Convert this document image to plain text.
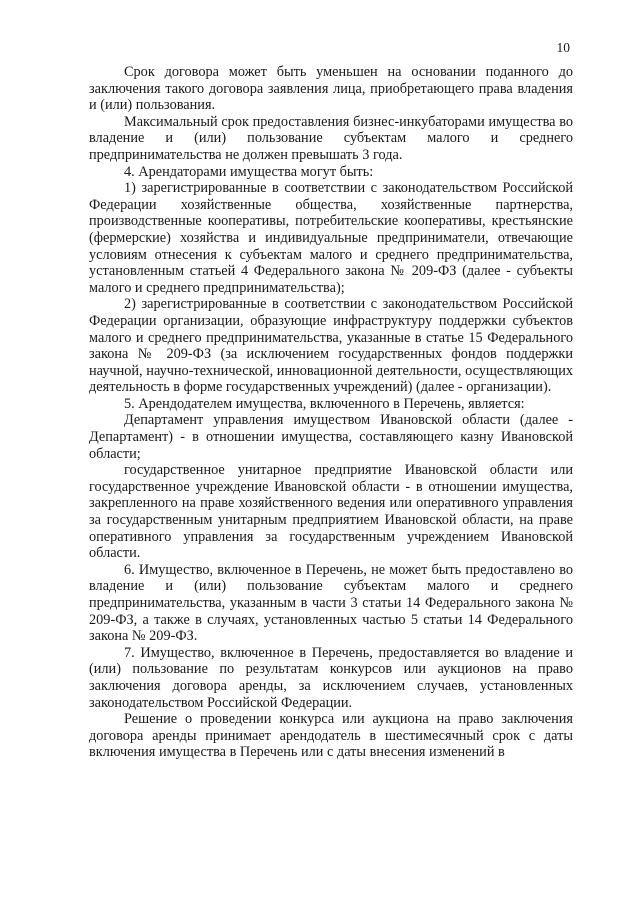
10

Срок договора может быть уменьшен на основании поданного до заключения такого договора заявления лица, приобретающего права владения и (или) пользования.

Максимальный срок предоставления бизнес-инкубаторами имущества во владение и (или) пользование субъектам малого и среднего предпринимательства не должен превышать 3 года.

4. Арендаторами имущества могут быть:

1) зарегистрированные в соответствии с законодательством Российской Федерации хозяйственные общества, хозяйственные партнерства, производственные кооперативы, потребительские кооперативы, крестьянские (фермерские) хозяйства и индивидуальные предприниматели, отвечающие условиям отнесения к субъектам малого и среднего предпринимательства, установленным статьей 4 Федерального закона № 209-ФЗ (далее - субъекты малого и среднего предпринимательства);

2) зарегистрированные в соответствии с законодательством Российской Федерации организации, образующие инфраструктуру поддержки субъектов малого и среднего предпринимательства, указанные в статье 15 Федерального закона № 209-ФЗ (за исключением государственных фондов поддержки научной, научно-технической, инновационной деятельности, осуществляющих деятельность в форме государственных учреждений) (далее - организации).

5. Арендодателем имущества, включенного в Перечень, является:

Департамент управления имуществом Ивановской области (далее - Департамент) - в отношении имущества, составляющего казну Ивановской области;

государственное унитарное предприятие Ивановской области или государственное учреждение Ивановской области - в отношении имущества, закрепленного на праве хозяйственного ведения или оперативного управления за государственным унитарным предприятием Ивановской области, на праве оперативного управления за государственным учреждением Ивановской области.

6. Имущество, включенное в Перечень, не может быть предоставлено во владение и (или) пользование субъектам малого и среднего предпринимательства, указанным в части 3 статьи 14 Федерального закона № 209-ФЗ, а также в случаях, установленных частью 5 статьи 14 Федерального закона № 209-ФЗ.

7. Имущество, включенное в Перечень, предоставляется во владение и (или) пользование по результатам конкурсов или аукционов на право заключения договора аренды, за исключением случаев, установленных законодательством Российской Федерации.

Решение о проведении конкурса или аукциона на право заключения договора аренды принимает арендодатель в шестимесячный срок с даты включения имущества в Перечень или с даты внесения изменений в
